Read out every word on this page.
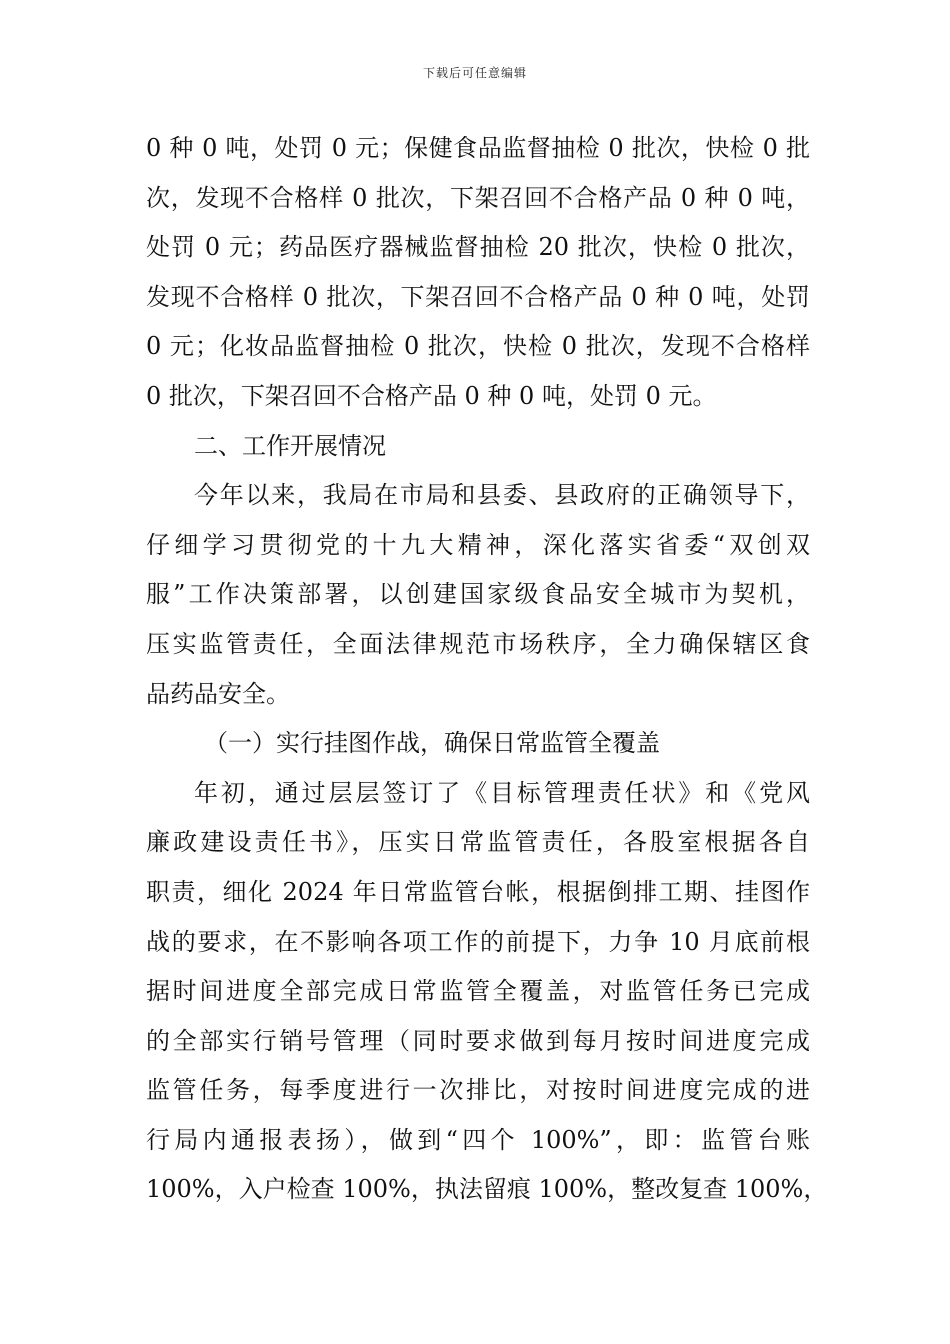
下载后可任意编辑
0 种 0 吨，处罚 0 元；保健食品监督抽检 0 批次，快检 0 批
次，发现不合格样 0 批次，下架召回不合格产品 0 种 0 吨，
处罚 0 元；药品医疗器械监督抽检 20 批次，快检 0 批次，
发现不合格样 0 批次，下架召回不合格产品 0 种 0 吨，处罚
0 元；化妆品监督抽检 0 批次，快检 0 批次，发现不合格样
0 批次，下架召回不合格产品 0 种 0 吨，处罚 0 元。
二、工作开展情况
今年以来，我局在市局和县委、县政府的正确领导下，
仔细学习贯彻党的十九大精神，深化落实省委“双创双
服”工作决策部署，以创建国家级食品安全城市为契机，
压实监管责任，全面法律规范市场秩序，全力确保辖区食
品药品安全。
（一）实行挂图作战，确保日常监管全覆盖
年初，通过层层签订了《目标管理责任状》和《党风
廉政建设责任书》，压实日常监管责任，各股室根据各自
职责，细化 2024 年日常监管台帐，根据倒排工期、挂图作
战的要求，在不影响各项工作的前提下，力争 10 月底前根
据时间进度全部完成日常监管全覆盖，对监管任务已完成
的全部实行销号管理（同时要求做到每月按时间进度完成
监管任务，每季度进行一次排比，对按时间进度完成的进
行局内通报表扬），做到“四个 100%”，即：监管台账
100%，入户检查 100%，执法留痕 100%，整改复查 100%，
